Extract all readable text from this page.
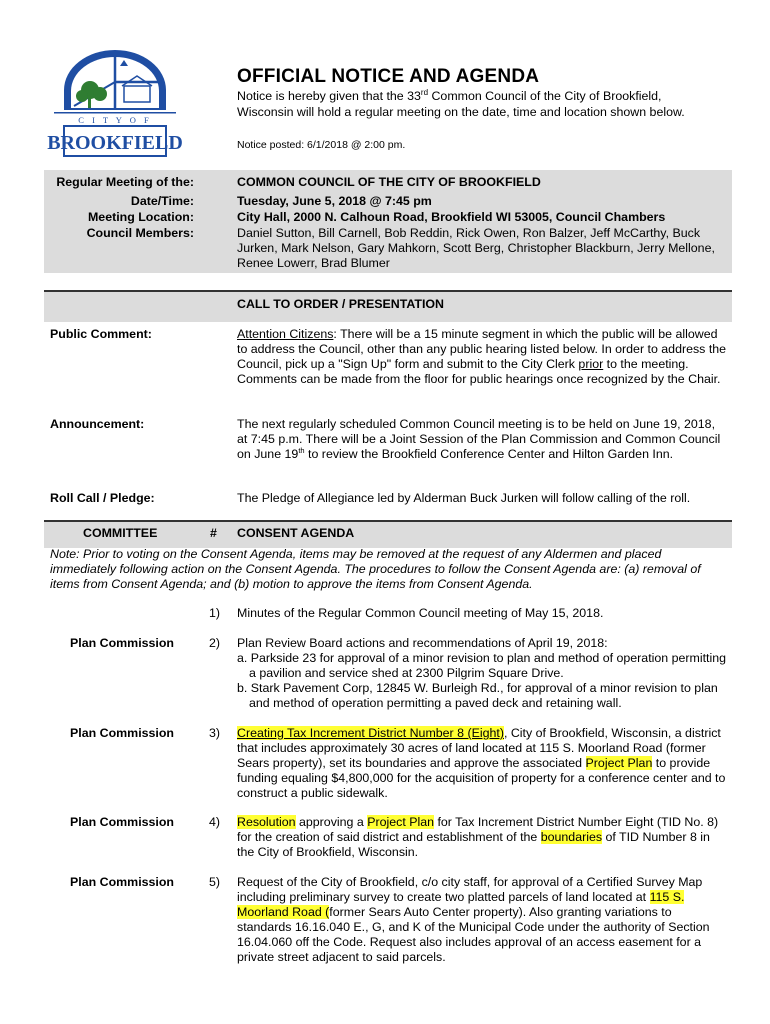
C I T Y O F
BROOKFIELD
OFFICIAL NOTICE AND AGENDA
Notice is hereby given that the 33rd Common Council of the City of Brookfield,
Wisconsin will hold a regular meeting on the date, time and location shown below.
Notice posted: 6/1/2018 @ 2:00 pm.
Regular Meeting of the:	COMMON COUNCIL OF THE CITY OF BROOKFIELD
Date/Time:	Tuesday, June 5, 2018 @ 7:45 pm
Meeting Location:	City Hall, 2000 N. Calhoun Road, Brookfield WI 53005, Council Chambers
Council Members:	Daniel Sutton, Bill Carnell, Bob Reddin, Rick Owen, Ron Balzer, Jeff McCarthy, Buck Jurken, Mark Nelson, Gary Mahkorn, Scott Berg, Christopher Blackburn, Jerry Mellone, Renee Lowerr, Brad Blumer
CALL TO ORDER / PRESENTATION
Public Comment:	Attention Citizens: There will be a 15 minute segment in which the public will be allowed to address the Council, other than any public hearing listed below. In order to address the Council, pick up a "Sign Up" form and submit to the City Clerk prior to the meeting. Comments can be made from the floor for public hearings once recognized by the Chair.
Announcement:	The next regularly scheduled Common Council meeting is to be held on June 19, 2018, at 7:45 p.m. There will be a Joint Session of the Plan Commission and Common Council on June 19th to review the Brookfield Conference Center and Hilton Garden Inn.
Roll Call / Pledge:	The Pledge of Allegiance led by Alderman Buck Jurken will follow calling of the roll.
COMMITTEE	# CONSENT AGENDA
Note: Prior to voting on the Consent Agenda, items may be removed at the request of any Aldermen and placed immediately following action on the Consent Agenda. The procedures to follow the Consent Agenda are: (a) removal of items from Consent Agenda; and (b) motion to approve the items from Consent Agenda.
1) Minutes of the Regular Common Council meeting of May 15, 2018.
Plan Commission	2) Plan Review Board actions and recommendations of April 19, 2018:
a. Parkside 23 for approval of a minor revision to plan and method of operation permitting a pavilion and service shed at 2300 Pilgrim Square Drive.
b. Stark Pavement Corp, 12845 W. Burleigh Rd., for approval of a minor revision to plan and method of operation permitting a paved deck and retaining wall.
Plan Commission	3) Creating Tax Increment District Number 8 (Eight), City of Brookfield, Wisconsin, a district that includes approximately 30 acres of land located at 115 S. Moorland Road (former Sears property), set its boundaries and approve the associated Project Plan to provide funding equaling $4,800,000 for the acquisition of property for a conference center and to construct a public sidewalk.
Plan Commission	4) Resolution approving a Project Plan for Tax Increment District Number Eight (TID No. 8) for the creation of said district and establishment of the boundaries of TID Number 8 in the City of Brookfield, Wisconsin.
Plan Commission	5) Request of the City of Brookfield, c/o city staff, for approval of a Certified Survey Map including preliminary survey to create two platted parcels of land located at 115 S. Moorland Road (former Sears Auto Center property). Also granting variations to standards 16.16.040 E., G, and K of the Municipal Code under the authority of Section 16.04.060 off the Code. Request also includes approval of an access easement for a private street adjacent to said parcels.
